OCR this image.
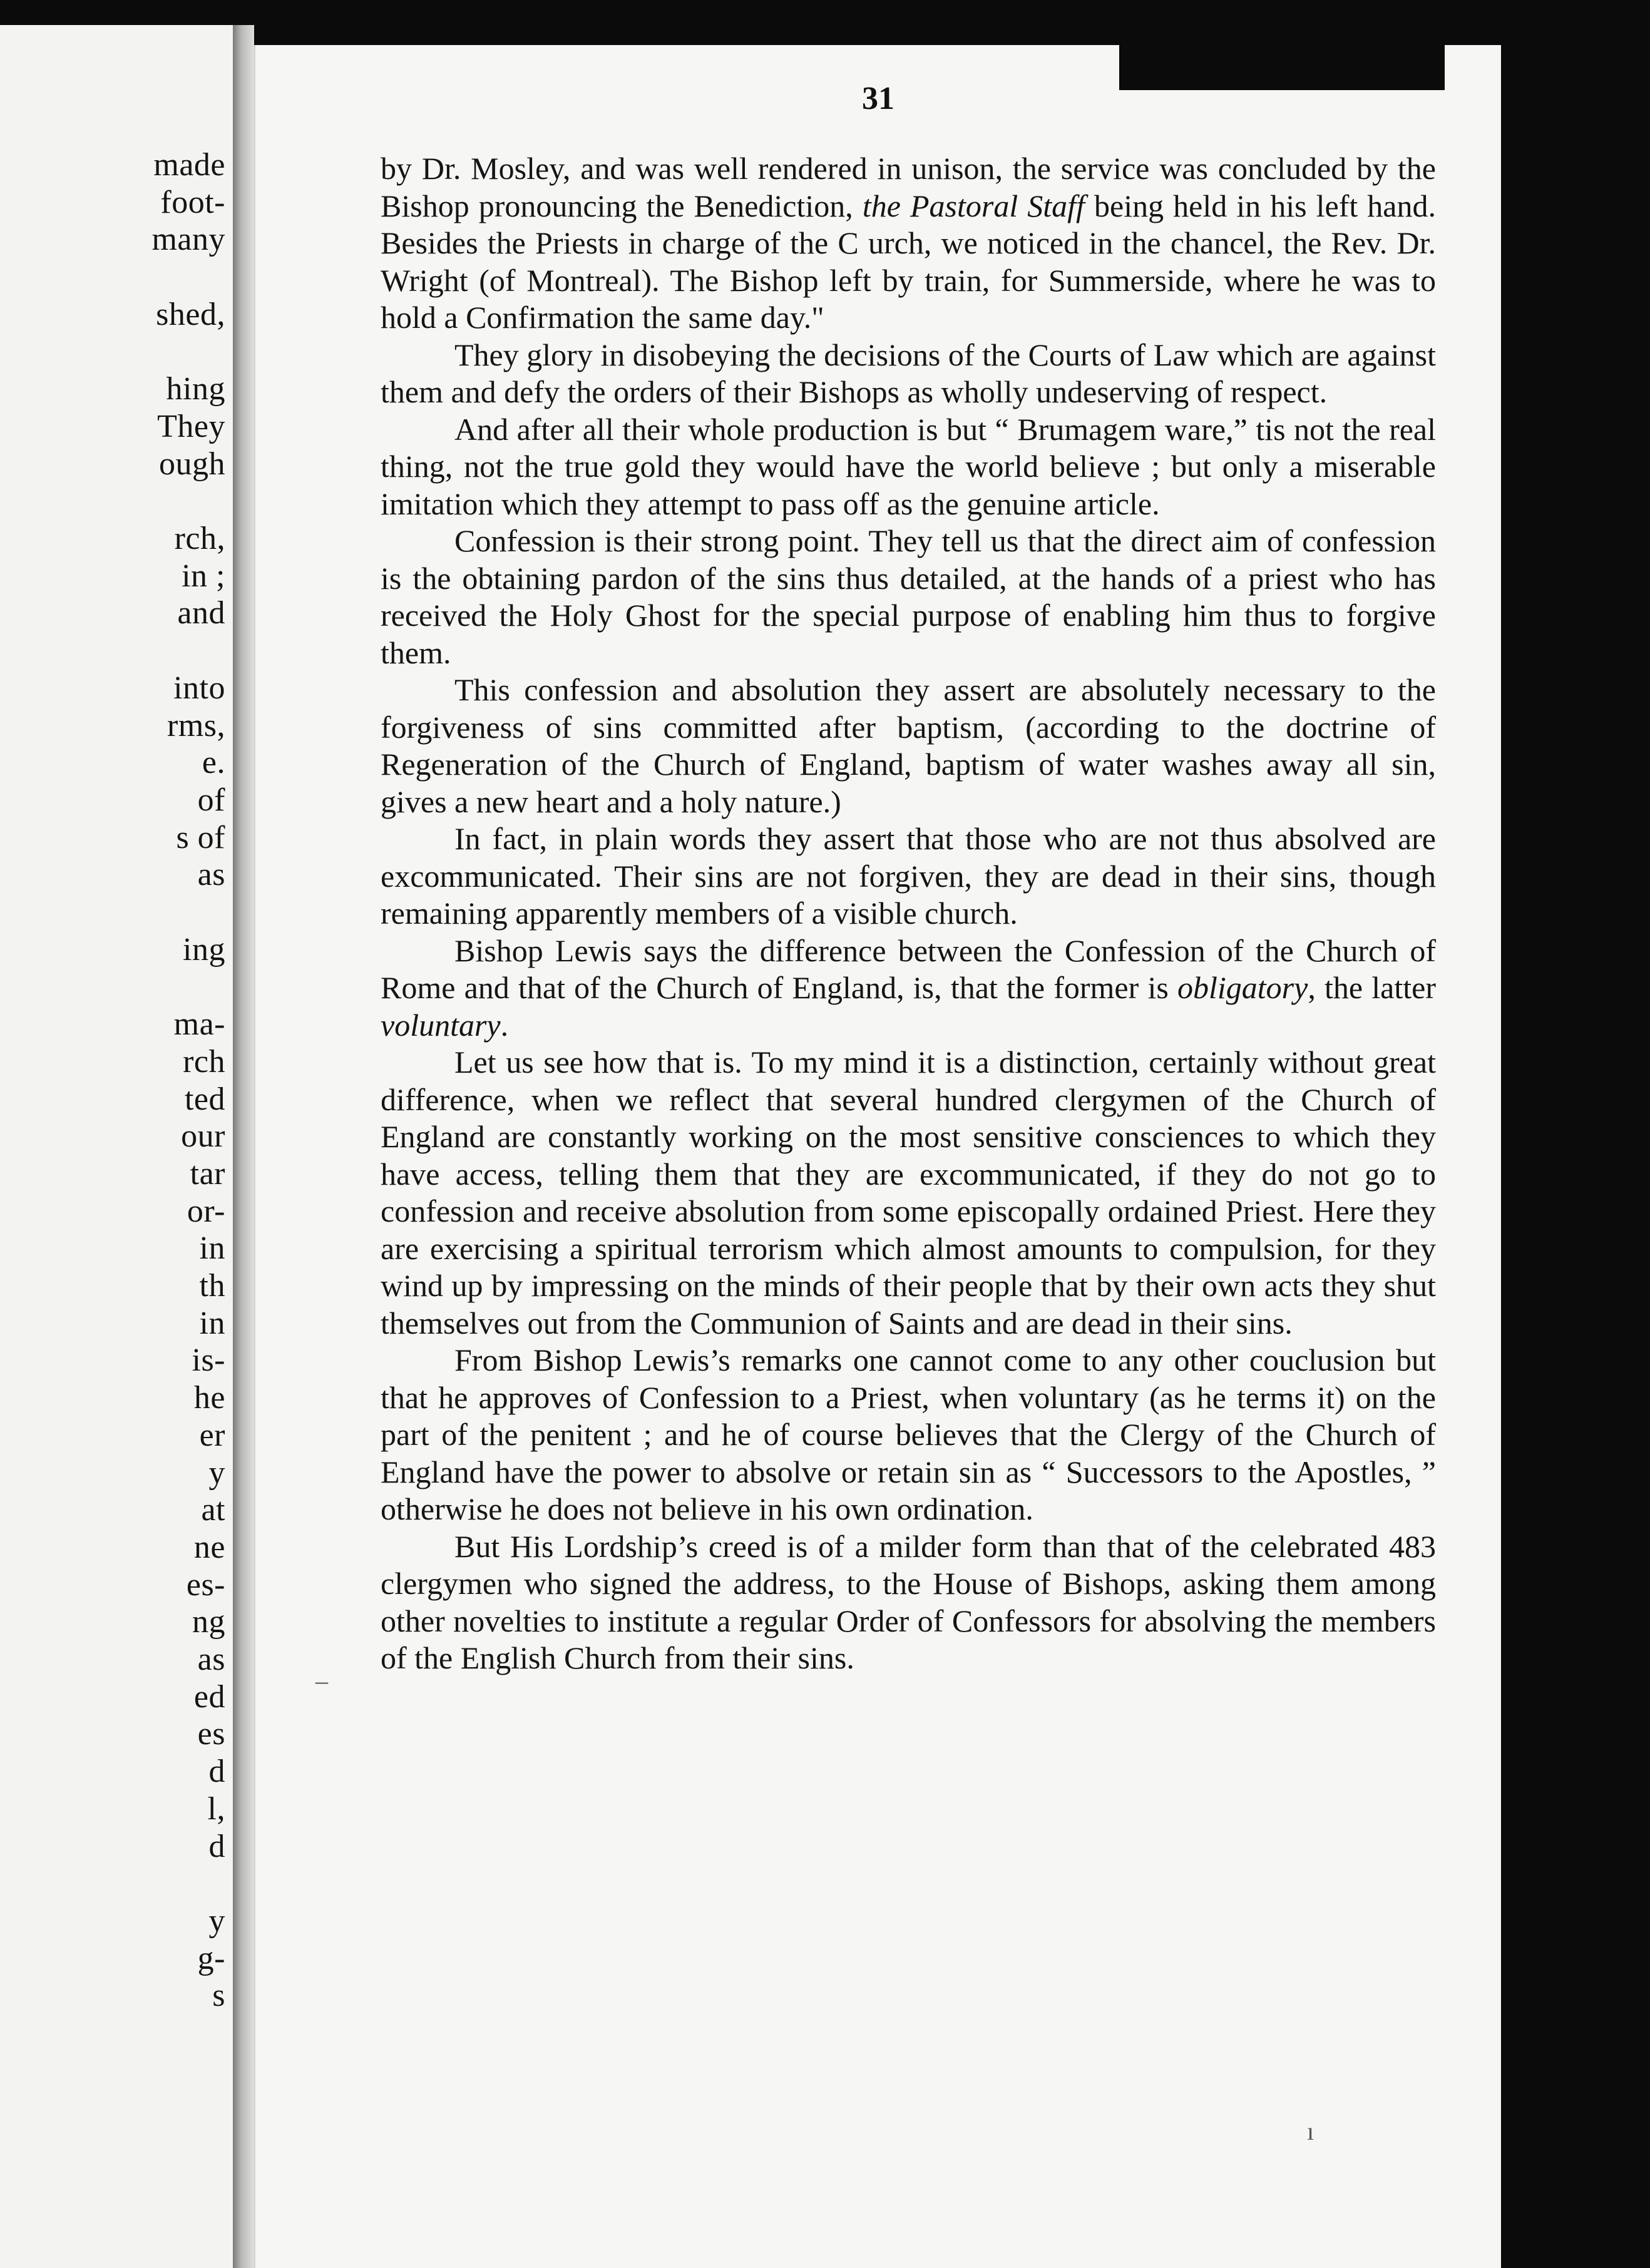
made
foot-
many
shed,
hing
They
ough
rch,
in ;
and
into
rms,
e.
of
s of
as
ing
ma-
rch
ted
our
tar
or-
in
th
in
is-
he
er
y
at
ne
es-
ng
as
ed
es
d
l,
d
y
g-
s
31

by Dr. Mosley, and was well rendered in unison, the service was concluded by the Bishop pronouncing the Benediction, the Pastoral Staff being held in his left hand. Besides the Priests in charge of the C urch, we noticed in the chancel, the Rev. Dr. Wright (of Montreal). The Bishop left by train, for Summerside, where he was to hold a Confirmation the same day."

They glory in disobeying the decisions of the Courts of Law which are against them and defy the orders of their Bishops as wholly undeserving of respect.

And after all their whole production is but “ Brumagem ware,” tis not the real thing, not the true gold they would have the world believe ; but only a miserable imitation which they attempt to pass off as the genuine article.

Confession is their strong point. They tell us that the direct aim of confession is the obtaining pardon of the sins thus detailed, at the hands of a priest who has received the Holy Ghost for the special purpose of enabling him thus to forgive them.

This confession and absolution they assert are absolutely necessary to the forgiveness of sins committed after baptism, (according to the doctrine of Regeneration of the Church of England, baptism of water washes away all sin, gives a new heart and a holy nature.)

In fact, in plain words they assert that those who are not thus absolved are excommunicated. Their sins are not forgiven, they are dead in their sins, though remaining apparently members of a visible church.

Bishop Lewis says the difference between the Confession of the Church of Rome and that of the Church of England, is, that the former is obligatory, the latter voluntary.

Let us see how that is. To my mind it is a distinction, certainly without great difference, when we reflect that several hundred clergymen of the Church of England are constantly working on the most sensitive consciences to which they have access, telling them that they are excommunicated, if they do not go to confession and receive absolution from some episcopally ordained Priest. Here they are exercising a spiritual terrorism which almost amounts to compulsion, for they wind up by impressing on the minds of their people that by their own acts they shut themselves out from the Communion of Saints and are dead in their sins.

From Bishop Lewis’s remarks one cannot come to any other couclusion but that he approves of Confession to a Priest, when voluntary (as he terms it) on the part of the penitent ; and he of course believes that the Clergy of the Church of England have the power to absolve or retain sin as “ Successors to the Apostles, ” otherwise he does not believe in his own ordination.

But His Lordship’s creed is of a milder form than that of the celebrated 483 clergymen who signed the address, to the House of Bishops, asking them among other novelties to institute a regular Order of Confessors for absolving the members of the English Church from their sins.

–
ı
